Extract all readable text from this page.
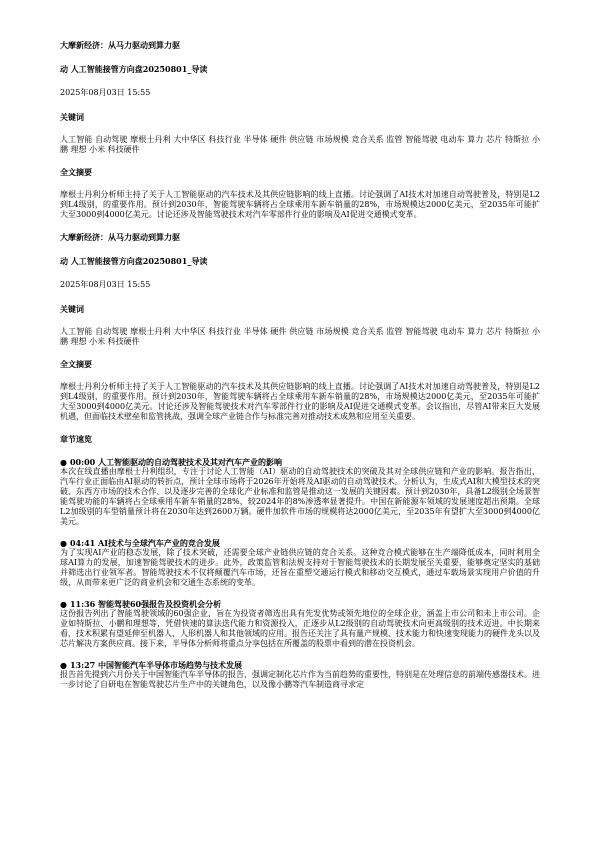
大摩新经济：从马力驱动到算力驱

动 人工智能接管方向盘20250801_导读

2025年08月03日 15:55

关键词

人工智能 自动驾驶 摩根士丹利 大中华区 科技行业 半导体 硬件 供应链 市场规模 竞合关系 监管 智能驾驶 电动车 算力 芯片 特斯拉 小鹏 理想 小米 科技硬件

全文摘要

摩根士丹利分析师主持了关于人工智能驱动的汽车技术及其供应链影响的线上直播。讨论强调了AI技术对加速自动驾驶普及，特别是L2到L4级别，的重要作用。预计到2030年，智能驾驶车辆将占全球乘用车新车销量的28%，市场规模达2000亿美元，至2035年可能扩大至3000到4000亿美元。讨论还涉及智能驾驶技术对汽车零部件行业的影响及AI促进交通模式变革。

大摩新经济：从马力驱动到算力驱

动 人工智能接管方向盘20250801_导读

2025年08月03日 15:55

关键词

人工智能 自动驾驶 摩根士丹利 大中华区 科技行业 半导体 硬件 供应链 市场规模 竞合关系 监管 智能驾驶 电动车 算力 芯片 特斯拉 小鹏 理想 小米 科技硬件

全文摘要

摩根士丹利分析师主持了关于人工智能驱动的汽车技术及其供应链影响的线上直播。讨论强调了AI技术对加速自动驾驶普及，特别是L2到L4级别，的重要作用。预计到2030年，智能驾驶车辆将占全球乘用车新车销量的28%，市场规模达2000亿美元，至2035年可能扩大至3000到4000亿美元。讨论还涉及智能驾驶技术对汽车零部件行业的影响及AI促进交通模式变革。会议指出，尽管AI带来巨大发展机遇，但面临技术壁垒和监管挑战，强调全球产业链合作与标准完善对推动技术成熟和应用至关重要。

章节速览

● 00:00 人工智能驱动的自动驾驶技术及其对汽车产业的影响

本次在线直播由摩根士丹利组织，专注于讨论人工智能（AI）驱动的自动驾驶技术的突破及其对全球供应链和产业的影响。报告指出，汽车行业正面临由AI驱动的转折点，预计全球市场将于2026年开始将及AI驱动的自动驾驶技术。分析认为，生成式AI和大模型技术的突破、东西方市场的技术合作、以及逐步完善的全球化产业标准和监管是推动这一发展的关键因素。预计到2030年，具备L2级别全场景智能驾驶功能的车辆将占全球乘用车新车销量的28%，较2024年的8%渗透率显著提升。中国在新能源车领域的发展速度超出预期。全球L2加级别的车型销量预计将在2030年达到2600万辆。硬件加软件市场的规模将达2000亿美元，至2035年有望扩大至3000到4000亿美元。

● 04:41 AI技术与全球汽车产业的竞合发展

为了实现AI产业的稳态发展，除了技术突破，还需要全球产业链供应链的竞合关系。这种竞合模式能够在生产端降低成本，同时利用全球AI算力的发展，加速智能驾驶技术的进步。此外，政策监管和法规支持对于智能驾驶技术的长期发展至关重要，能够奠定坚实的基础并筛选出行业领军者。智能驾驶技术不仅将颠覆汽车市场，还旨在重塑交通运行模式和移动交互模式，通过车载场景实现用户价值的升级，从而带来更广泛的商业机会和交通生态系统的变革。

● 11:36 智能驾驶60强报告及投资机会分析

这份报告列出了智能驾驶领域的60强企业，旨在为投资者筛选出具有先发优势或领先地位的全球企业，涵盖上市公司和未上市公司。企业如特斯拉、小鹏和理想等，凭借快速的算法迭代能力和资源投入，正逐步从L2级别的自动驾驶技术向更高级别的技术迈进。中长期来看，技术积累有望延伸至机器人、人形机器人和其他领域的应用。报告还关注了具有量产规模、技术能力和快速变现能力的硬件龙头以及芯片解决方案供应商。接下来，半导体分析师将重点分享包括在所覆盖的股票中看到的潜在投资机会。

● 13:27 中国智能汽车半导体市场趋势与技术发展

报告首先提到六月份关于中国智能汽车半导体的报告，强调定制化芯片作为当前趋势的重要性，特别是在处理信息的前端传感器技术。进一步讨论了自研电在智能驾驶芯片生产中的关键角色，以及像小鹏等汽车制造商寻求定
